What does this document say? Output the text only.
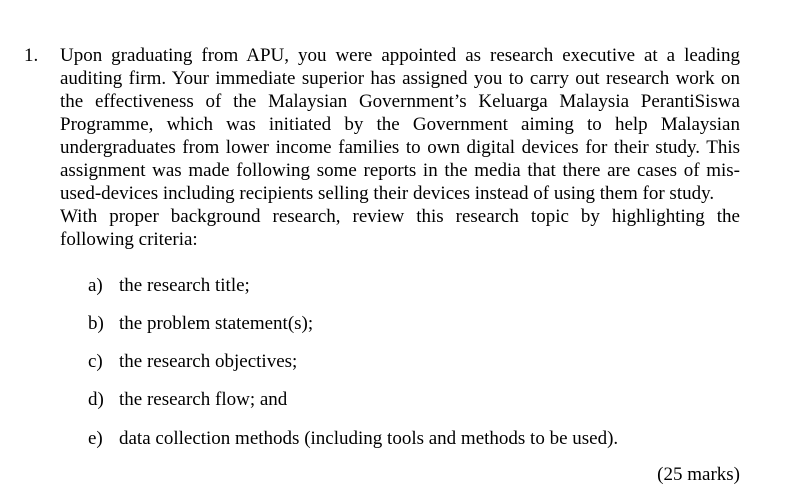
1. Upon graduating from APU, you were appointed as research executive at a leading auditing firm. Your immediate superior has assigned you to carry out research work on the effectiveness of the Malaysian Government’s Keluarga Malaysia PerantiSiswa Programme, which was initiated by the Government aiming to help Malaysian undergraduates from lower income families to own digital devices for their study. This assignment was made following some reports in the media that there are cases of mis-used-devices including recipients selling their devices instead of using them for study.

With proper background research, review this research topic by highlighting the following criteria:

a) the research title;
b) the problem statement(s);
c) the research objectives;
d) the research flow; and
e) data collection methods (including tools and methods to be used).
(25 marks)
